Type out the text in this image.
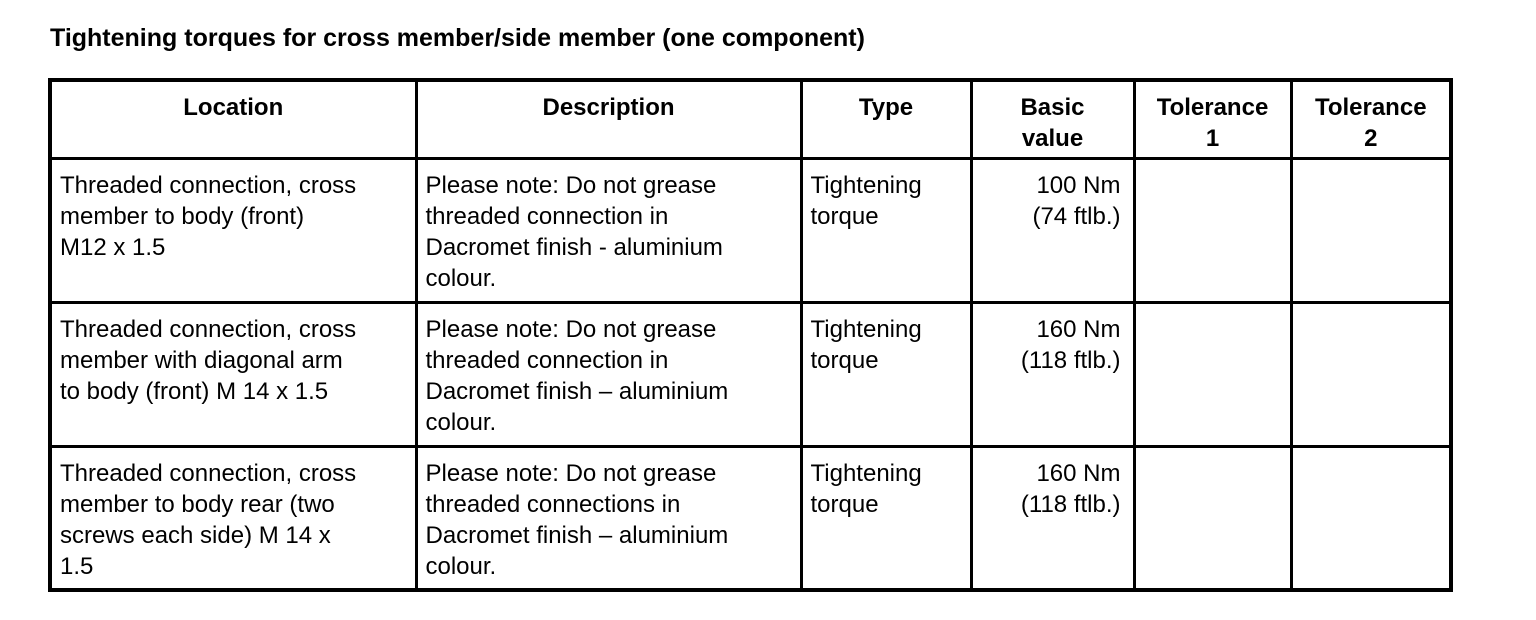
Tightening torques for cross member/side member (one component)
Location	Description	Type	Basic
value	Tolerance
1	Tolerance
2

Threaded connection, cross
member to body (front)
M12 x 1.5	Please note: Do not grease
threaded connection in
Dacromet finish - aluminium
colour.	Tightening
torque	100 Nm
(74 ftlb.)		

Threaded connection, cross
member with diagonal arm
to body (front) M 14 x 1.5	Please note: Do not grease
threaded connection in
Dacromet finish – aluminium
colour.	Tightening
torque	160 Nm
(118 ftlb.)		

Threaded connection, cross
member to body rear (two
screws each side) M 14 x
1.5	Please note: Do not grease
threaded connections in
Dacromet finish – aluminium
colour.	Tightening
torque	160 Nm
(118 ftlb.)		
